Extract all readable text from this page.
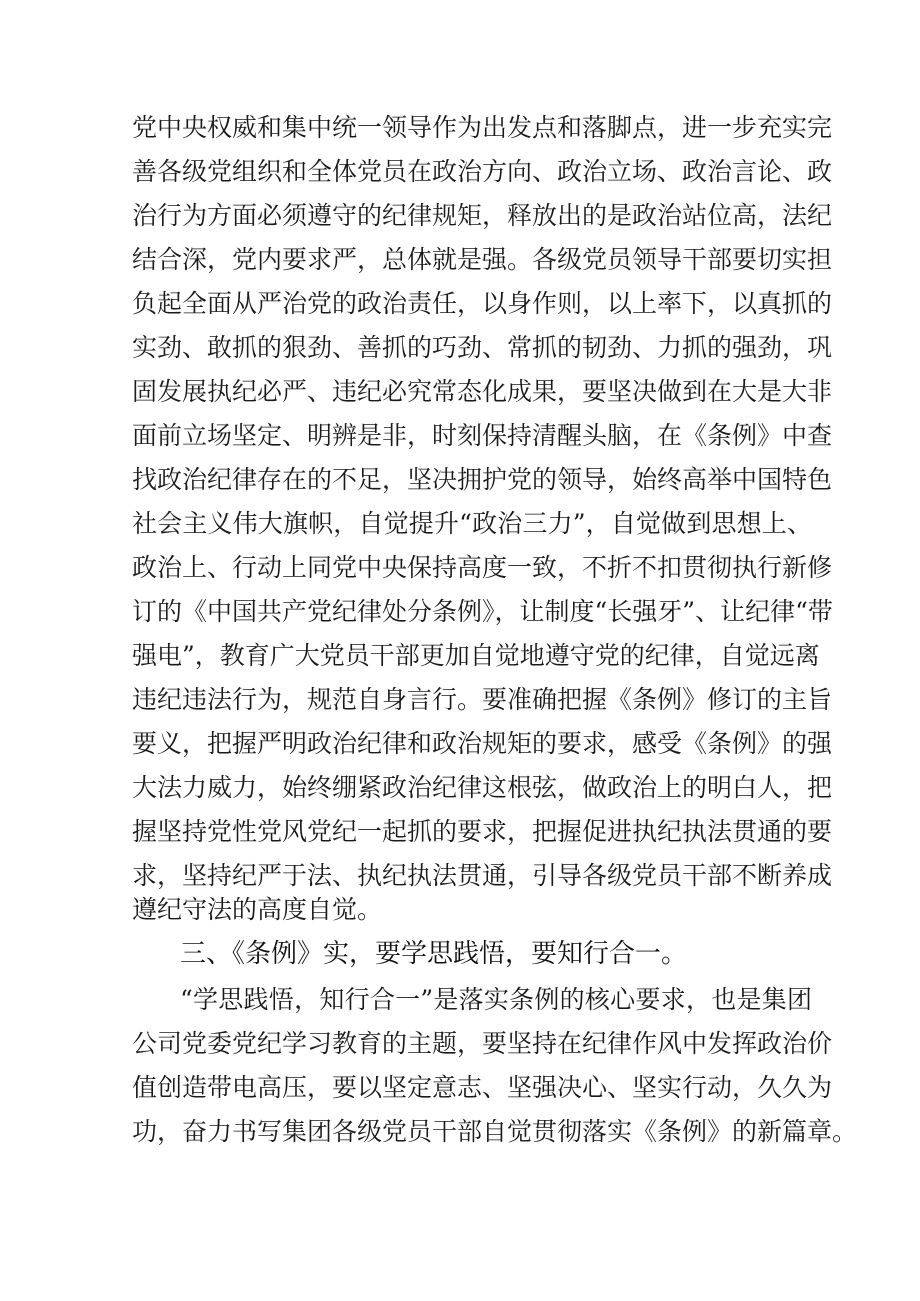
党中央权威和集中统一领导作为出发点和落脚点，进一步充实完
善各级党组织和全体党员在政治方向、政治立场、政治言论、政
治行为方面必须遵守的纪律规矩，释放出的是政治站位高，法纪
结合深，党内要求严，总体就是强。各级党员领导干部要切实担
负起全面从严治党的政治责任，以身作则，以上率下，以真抓的
实劲、敢抓的狠劲、善抓的巧劲、常抓的韧劲、力抓的强劲，巩
固发展执纪必严、违纪必究常态化成果，要坚决做到在大是大非
面前立场坚定、明辨是非，时刻保持清醒头脑，在《条例》中查
找政治纪律存在的不足，坚决拥护党的领导，始终高举中国特色
社会主义伟大旗帜，自觉提升“政治三力”，自觉做到思想上、
政治上、行动上同党中央保持高度一致，不折不扣贯彻执行新修
订的《中国共产党纪律处分条例》，让制度“长强牙”、让纪律“带
强电”，教育广大党员干部更加自觉地遵守党的纪律，自觉远离
违纪违法行为，规范自身言行。要准确把握《条例》修订的主旨
要义，把握严明政治纪律和政治规矩的要求，感受《条例》的强
大法力威力，始终绷紧政治纪律这根弦，做政治上的明白人，把
握坚持党性党风党纪一起抓的要求，把握促进执纪执法贯通的要
求，坚持纪严于法、执纪执法贯通，引导各级党员干部不断养成
遵纪守法的高度自觉。
三、《条例》实，要学思践悟，要知行合一。
“学思践悟，知行合一”是落实条例的核心要求，也是集团
公司党委党纪学习教育的主题，要坚持在纪律作风中发挥政治价
值创造带电高压，要以坚定意志、坚强决心、坚实行动，久久为
功，奋力书写集团各级党员干部自觉贯彻落实《条例》的新篇章。
